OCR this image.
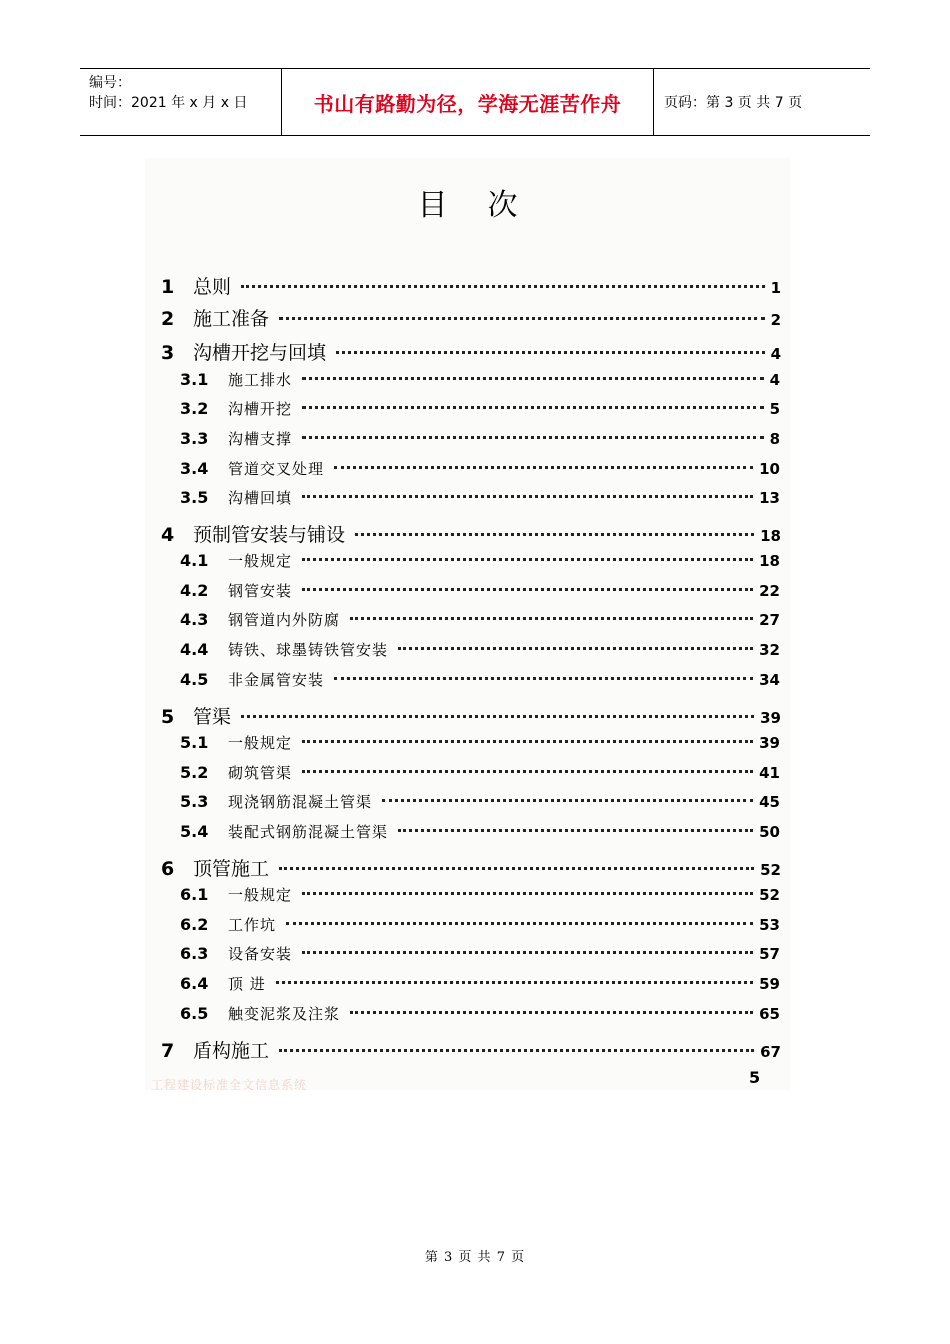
编号：
时间：2021 年 x 月 x 日	书山有路勤为径，学海无涯苦作舟	页码：第 3 页 共 7 页
目次
1 总则	1
2 施工准备	2
3 沟槽开挖与回填	4
3.1	施工排水	4
3.2	沟槽开挖	5
3.3	沟槽支撑	8
3.4	管道交叉处理	10
3.5	沟槽回填	13
4 预制管安装与铺设	18
4.1	一般规定	18
4.2	钢管安装	22
4.3	钢管道内外防腐	27
4.4	铸铁、球墨铸铁管安装	32
4.5	非金属管安装	34
5 管渠	39
5.1	一般规定	39
5.2	砌筑管渠	41
5.3	现浇钢筋混凝土管渠	45
5.4	装配式钢筋混凝土管渠	50
6 顶管施工	52
6.1	一般规定	52
6.2	工作坑	53
6.3	设备安装	57
6.4	顶 进	59
6.5	触变泥浆及注浆	65
7 盾构施工	67
工程建设标准全文信息系统	5
第 3 页 共 7 页
